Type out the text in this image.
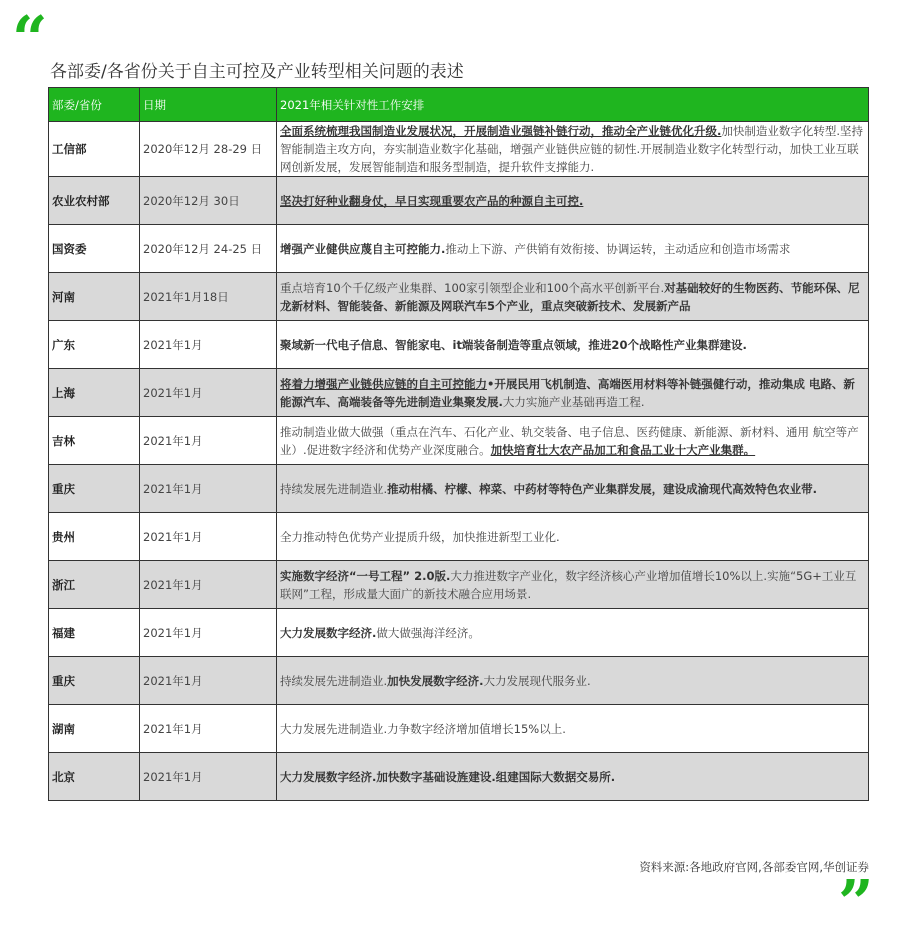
“ 各部委/各省份关于自主可控及产业转型相关问题的表述
部委/省份	日期	2021年相关针对性工作安排
工信部	2020年12月 28-29 日	全面系统梳理我国制造业发展状况，开展制造业强链补链行动，推动全产业链优化升级.加快制造业数字化转型.坚持智能制造主攻方向，夯实制造业数字化基础，增强产业链供应链的韧性.开展制造业数字化转型行动，加快工业互联网创新发展，发展智能制造和服务型制造，提升软件支撑能力.
农业农村部	2020年12月 30日	坚决打好种业翻身仗，早日实现重要农产品的种源自主可控.
国资委	2020年12月 24-25 日	增强产业健供应蔑自主可控能力.推动上下游、产供销有效衔接、协调运转，主动适应和创造市场需求
河南	2021年1月18日	重点培育10个千亿级产业集群、100家引领型企业和100个高水平创新平台.对基础较好的生物医药、节能环保、尼龙新材料、智能装备、新能源及网联汽车5个产业，重点突破新技术、发展新产品
广东	2021年1月	聚域新一代电子信息、智能家电、it端装备制造等重点领域，推进20个战略性产业集群建设.
上海	2021年1月	将着力增强产业链供应链的自主可控能力•开展民用飞机制造、高端医用材料等补链强健行动，推动集成 电路、新能源汽车、高端装备等先进制造业集聚发展.大力实施产业基础再造工程.
吉林	2021年1月	推动制造业做大做强（重点在汽车、石化产业、轨交装备、电子信息、医药健康、新能源、新材料、通用 航空等产业）.促进数字经济和优势产业深度融合。加快培育壮大农产品加工和食品工业十大产业集群。
重庆	2021年1月	持续发展先进制造业.推动柑橘、柠檬、榨菜、中药材等特色产业集群发展，建设成渝现代高效特色农业带.
贵州	2021年1月	全力推动特色优势产业提质升级，加快推进新型工业化.
浙江	2021年1月	实施数字经济“一号工程” 2.0版.大力推进数字产业化，数字经济核心产业增加值增长10%以上.实施“5G+工业互联网”工程，形成量大面广的新技术融合应用场景.
福建	2021年1月	大力发展数字经济.做大做强海洋经济。
重庆	2021年1月	持续发展先进制造业.加快发展数字经济.大力发展现代服务业.
湖南	2021年1月	大力发展先进制造业.力争数字经济增加值增长15%以上.
北京	2021年1月	大力发展数字经济.加快数字基础设旌建设.组建国际大数据交易所.
资料来源:各地政府官网,各部委官网,华创证券
”
